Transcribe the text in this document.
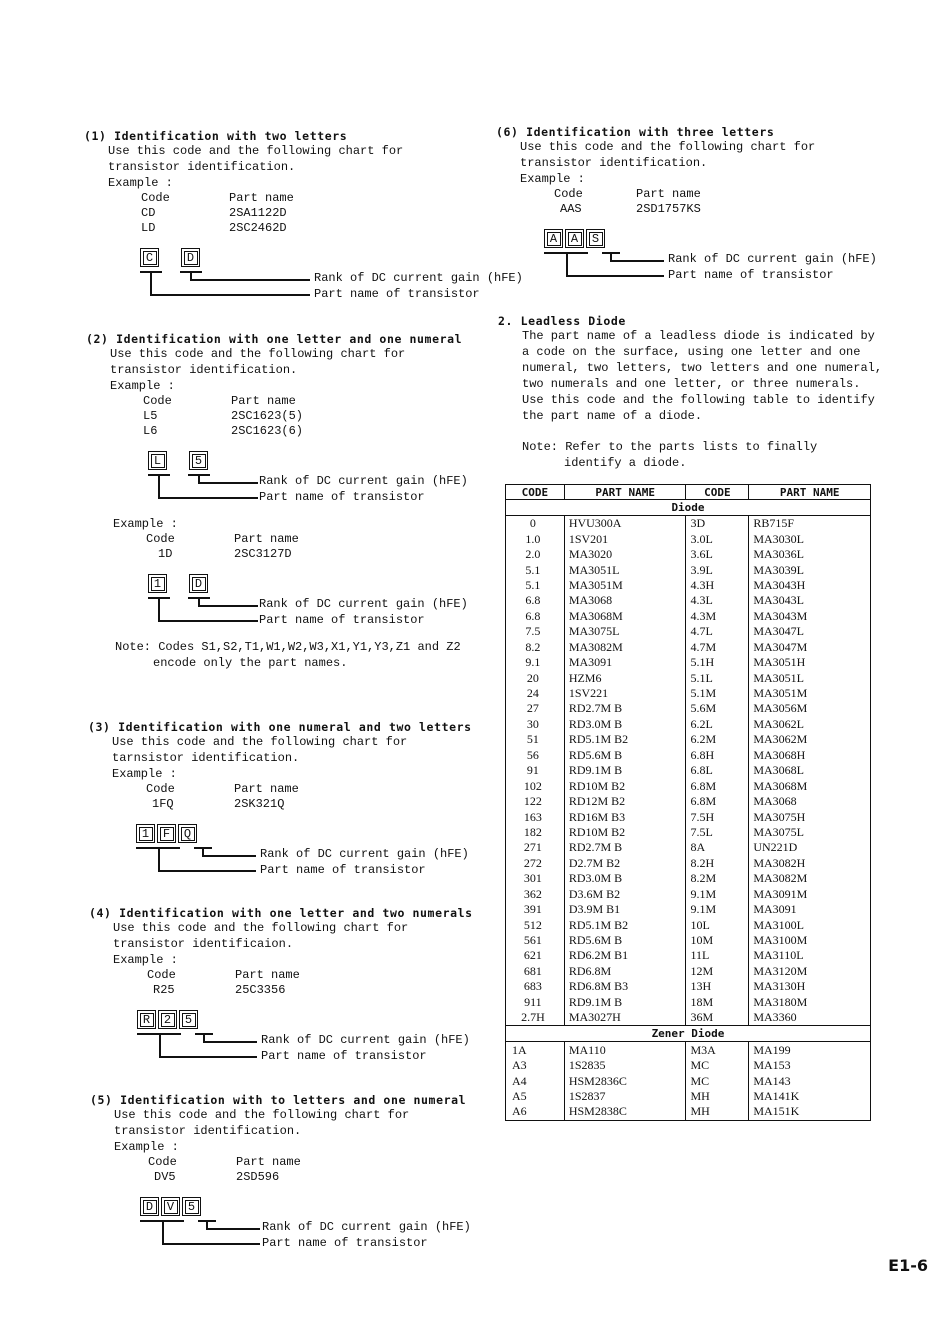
(1) Identification with two letters
Use this code and the following chart for
transistor identification.
Example :
Code	Part name
CD	2SA1122D
LD	2SC2462D
C	D
Rank of DC current gain (hFE)
Part name of transistor
(2) Identification with one letter and one numeral
Use this code and the following chart for
transistor identification.
Example :
Code	Part name
L5	2SC1623(5)
L6	2SC1623(6)
L	5
Rank of DC current gain (hFE)
Part name of transistor
Example :
Code	Part name
1D	2SC3127D
1	D
Rank of DC current gain (hFE)
Part name of transistor
Note: Codes S1,S2,T1,W1,W2,W3,X1,Y1,Y3,Z1 and Z2
encode only the part names.
(3) Identification with one numeral and two letters
Use this code and the following chart for
tarnsistor identification.
Example :
Code	Part name
1FQ	2SK321Q
1	F	Q
Rank of DC current gain (hFE)
Part name of transistor
(4) Identification with one letter and two numerals
Use this code and the following chart for
transistor identificaion.
Example :
Code	Part name
R25	25C3356
R	2	5
Rank of DC current gain (hFE)
Part name of transistor
(5) Identification with to letters and one numeral
Use this code and the following chart for
transistor identification.
Example :
Code	Part name
DV5	2SD596
D	V	5
Rank of DC current gain (hFE)
Part name of transistor
(6) Identification with three letters
Use this code and the following chart for
transistor identification.
Example :
Code	Part name
AAS	2SD1757KS
A	A	S
Rank of DC current gain (hFE)
Part name of transistor
2. Leadless Diode
The part name of a leadless diode is indicated by
a code on the surface, using one letter and one
numeral, two letters, two letters and one numeral,
two numerals and one letter, or three numerals.
Use this code and the following table to identify
the part name of a diode.
Note: Refer to the parts lists to finally
identify a diode.
CODE	PART NAME	CODE	PART NAME
Diode			
0	HVU300A	3D	RB715F
1.0	1SV201	3.0L	MA3030L
2.0	MA3020	3.6L	MA3036L
5.1	MA3051L	3.9L	MA3039L
5.1	MA3051M	4.3H	MA3043H
6.8	MA3068	4.3L	MA3043L
6.8	MA3068M	4.3M	MA3043M
7.5	MA3075L	4.7L	MA3047L
8.2	MA3082M	4.7M	MA3047M
9.1	MA3091	5.1H	MA3051H
20	HZM6	5.1L	MA3051L
24	1SV221	5.1M	MA3051M
27	RD2.7M B	5.6M	MA3056M
30	RD3.0M B	6.2L	MA3062L
51	RD5.1M B2	6.2M	MA3062M
56	RD5.6M B	6.8H	MA3068H
91	RD9.1M B	6.8L	MA3068L
102	RD10M B2	6.8M	MA3068M
122	RD12M B2	6.8M	MA3068
163	RD16M B3	7.5H	MA3075H
182	RD10M B2	7.5L	MA3075L
271	RD2.7M B	8A	UN221D
272	D2.7M B2	8.2H	MA3082H
301	RD3.0M B	8.2M	MA3082M
362	D3.6M B2	9.1M	MA3091M
391	D3.9M B1	9.1M	MA3091
512	RD5.1M B2	10L	MA3100L
561	RD5.6M B	10M	MA3100M
621	RD6.2M B1	11L	MA3110L
681	RD6.8M	12M	MA3120M
683	RD6.8M B3	13H	MA3130H
911	RD9.1M B	18M	MA3180M
2.7H	MA3027H	36M	MA3360
Zener Diode			
1A	MA110	M3A	MA199
A3	1S2835	MC	MA153
A4	HSM2836C	MC	MA143
A5	1S2837	MH	MA141K
A6	HSM2838C	MH	MA151K
E1-6
